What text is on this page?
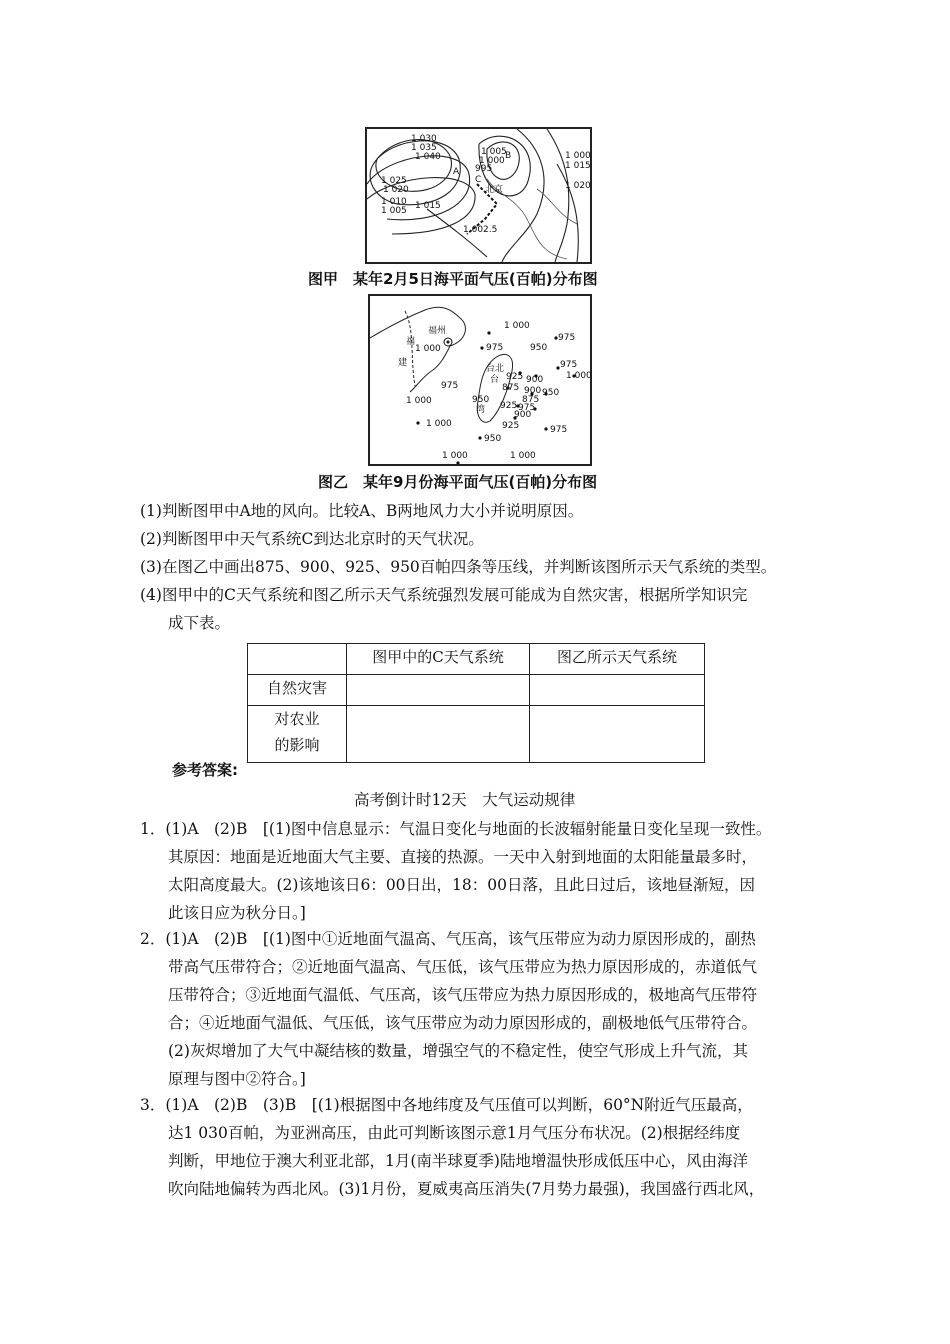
1 030
1 035
1 040
1 025
1 020
1 010
1 005 1 015
1 005
1 000
995
A
B
C
北京
1 002.5
1 000
1 015
1 020
图甲　某年2月5日海平面气压(百帕)分布图
1 000
福州
福
1 000
建
975
950
975
975
台北
925 900
台
875
1 000
975
950
900
875
950
1 000
湾 925 975
1 000
900
925	975
950
1 000	1 000
图乙　某年9月份海平面气压(百帕)分布图
(1)判断图甲中A地的风向。比较A、B两地风力大小并说明原因。
(2)判断图甲中天气系统C到达北京时的天气状况。
(3)在图乙中画出875、900、925、950百帕四条等压线，并判断该图所示天气系统的类型。
(4)图甲中的C天气系统和图乙所示天气系统强烈发展可能成为自然灾害，根据所学知识完
成下表。
	图甲中的C天气系统	图乙所示天气系统
自然灾害		

对农业
的影响		

参考答案:
高考倒计时12天　大气运动规律
1．(1)A　(2)B　[(1)图中信息显示：气温日变化与地面的长波辐射能量日变化呈现一致性。
其原因：地面是近地面大气主要、直接的热源。一天中入射到地面的太阳能量最多时，
太阳高度最大。(2)该地该日6：00日出，18：00日落，且此日过后，该地昼渐短，因
此该日应为秋分日。]
2．(1)A　(2)B　[(1)图中①近地面气温高、气压高，该气压带应为动力原因形成的，副热
带高气压带符合；②近地面气温高、气压低，该气压带应为热力原因形成的，赤道低气
压带符合；③近地面气温低、气压高，该气压带应为热力原因形成的，极地高气压带符
合；④近地面气温低、气压低，该气压带应为动力原因形成的，副极地低气压带符合。
(2)灰烬增加了大气中凝结核的数量，增强空气的不稳定性，使空气形成上升气流，其
原理与图中②符合。]
3．(1)A　(2)B　(3)B　[(1)根据图中各地纬度及气压值可以判断，60°N附近气压最高，
达1 030百帕，为亚洲高压，由此可判断该图示意1月气压分布状况。(2)根据经纬度
判断，甲地位于澳大利亚北部，1月(南半球夏季)陆地增温快形成低压中心，风由海洋
吹向陆地偏转为西北风。(3)1月份，夏威夷高压消失(7月势力最强)，我国盛行西北风，
